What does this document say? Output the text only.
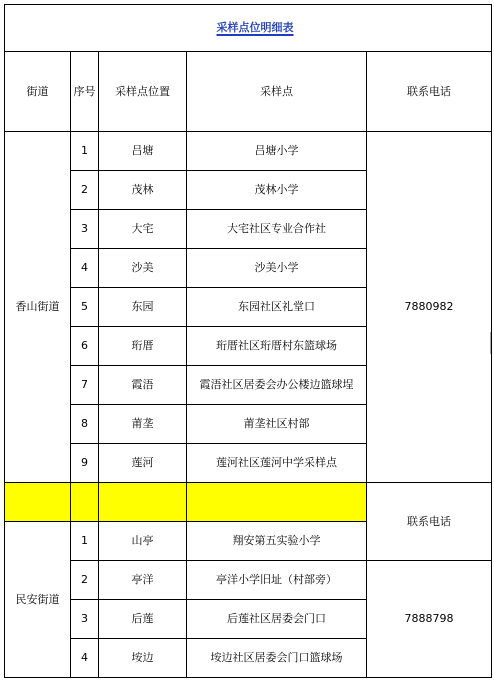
采样点位明细表				
街道	序号	采样点位置	采样点	联系电话
香山街道	1	吕塘	吕塘小学	7880982
	2	茂林	茂林小学	
	3	大宅	大宅社区专业合作社	
	4	沙美	沙美小学	
	5	东园	东园社区礼堂口	
	6	珩厝	珩厝社区珩厝村东篮球场	
	7	霞浯	霞浯社区居委会办公楼边篮球埕	
	8	莆垄	莆垄社区村部	
	9	莲河	莲河社区莲河中学采样点	
				联系电话
民安街道	1	山亭	翔安第五实验小学	
	2	亭洋	亭洋小学旧址（村部旁）	7888798
	3	后莲	后莲社区居委会门口	
	4	垵边	垵边社区居委会门口篮球场	
